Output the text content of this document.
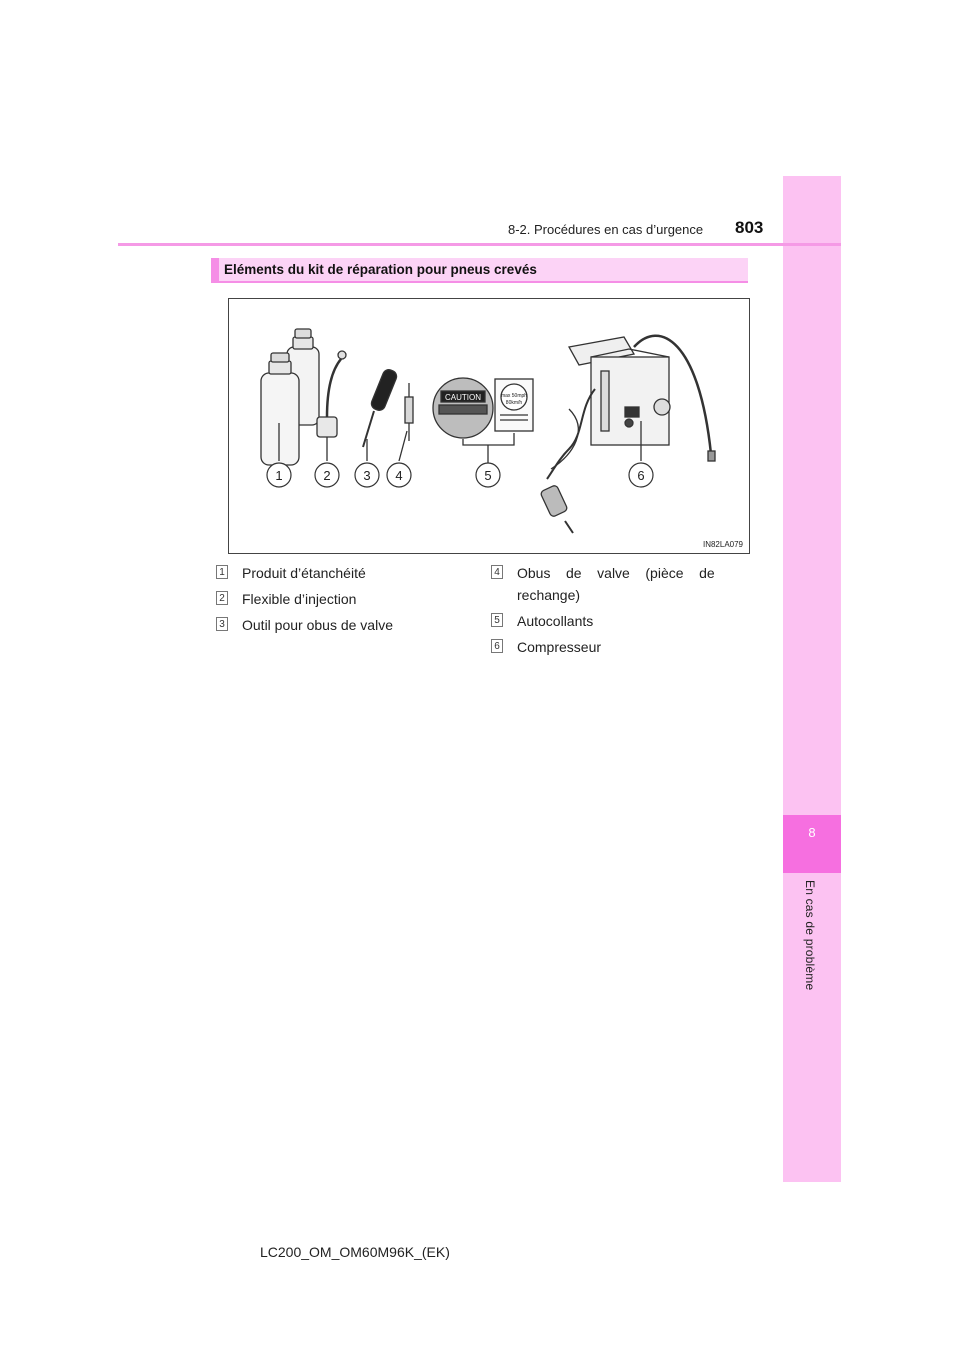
8
En cas de problème
8-2. Procédures en cas d’urgence 803
Eléments du kit de réparation pour pneus crevés
CAUTION	max 50mph
80km/h
1	2	3 4	5	6
IN82LA079
1 Produit d’étanchéité
2 Flexible d’injection
3 Outil pour obus de valve
4 Obus    de    valve    (pièce    de
rechange)
5 Autocollants
6 Compresseur
LC200_OM_OM60M96K_(EK)
